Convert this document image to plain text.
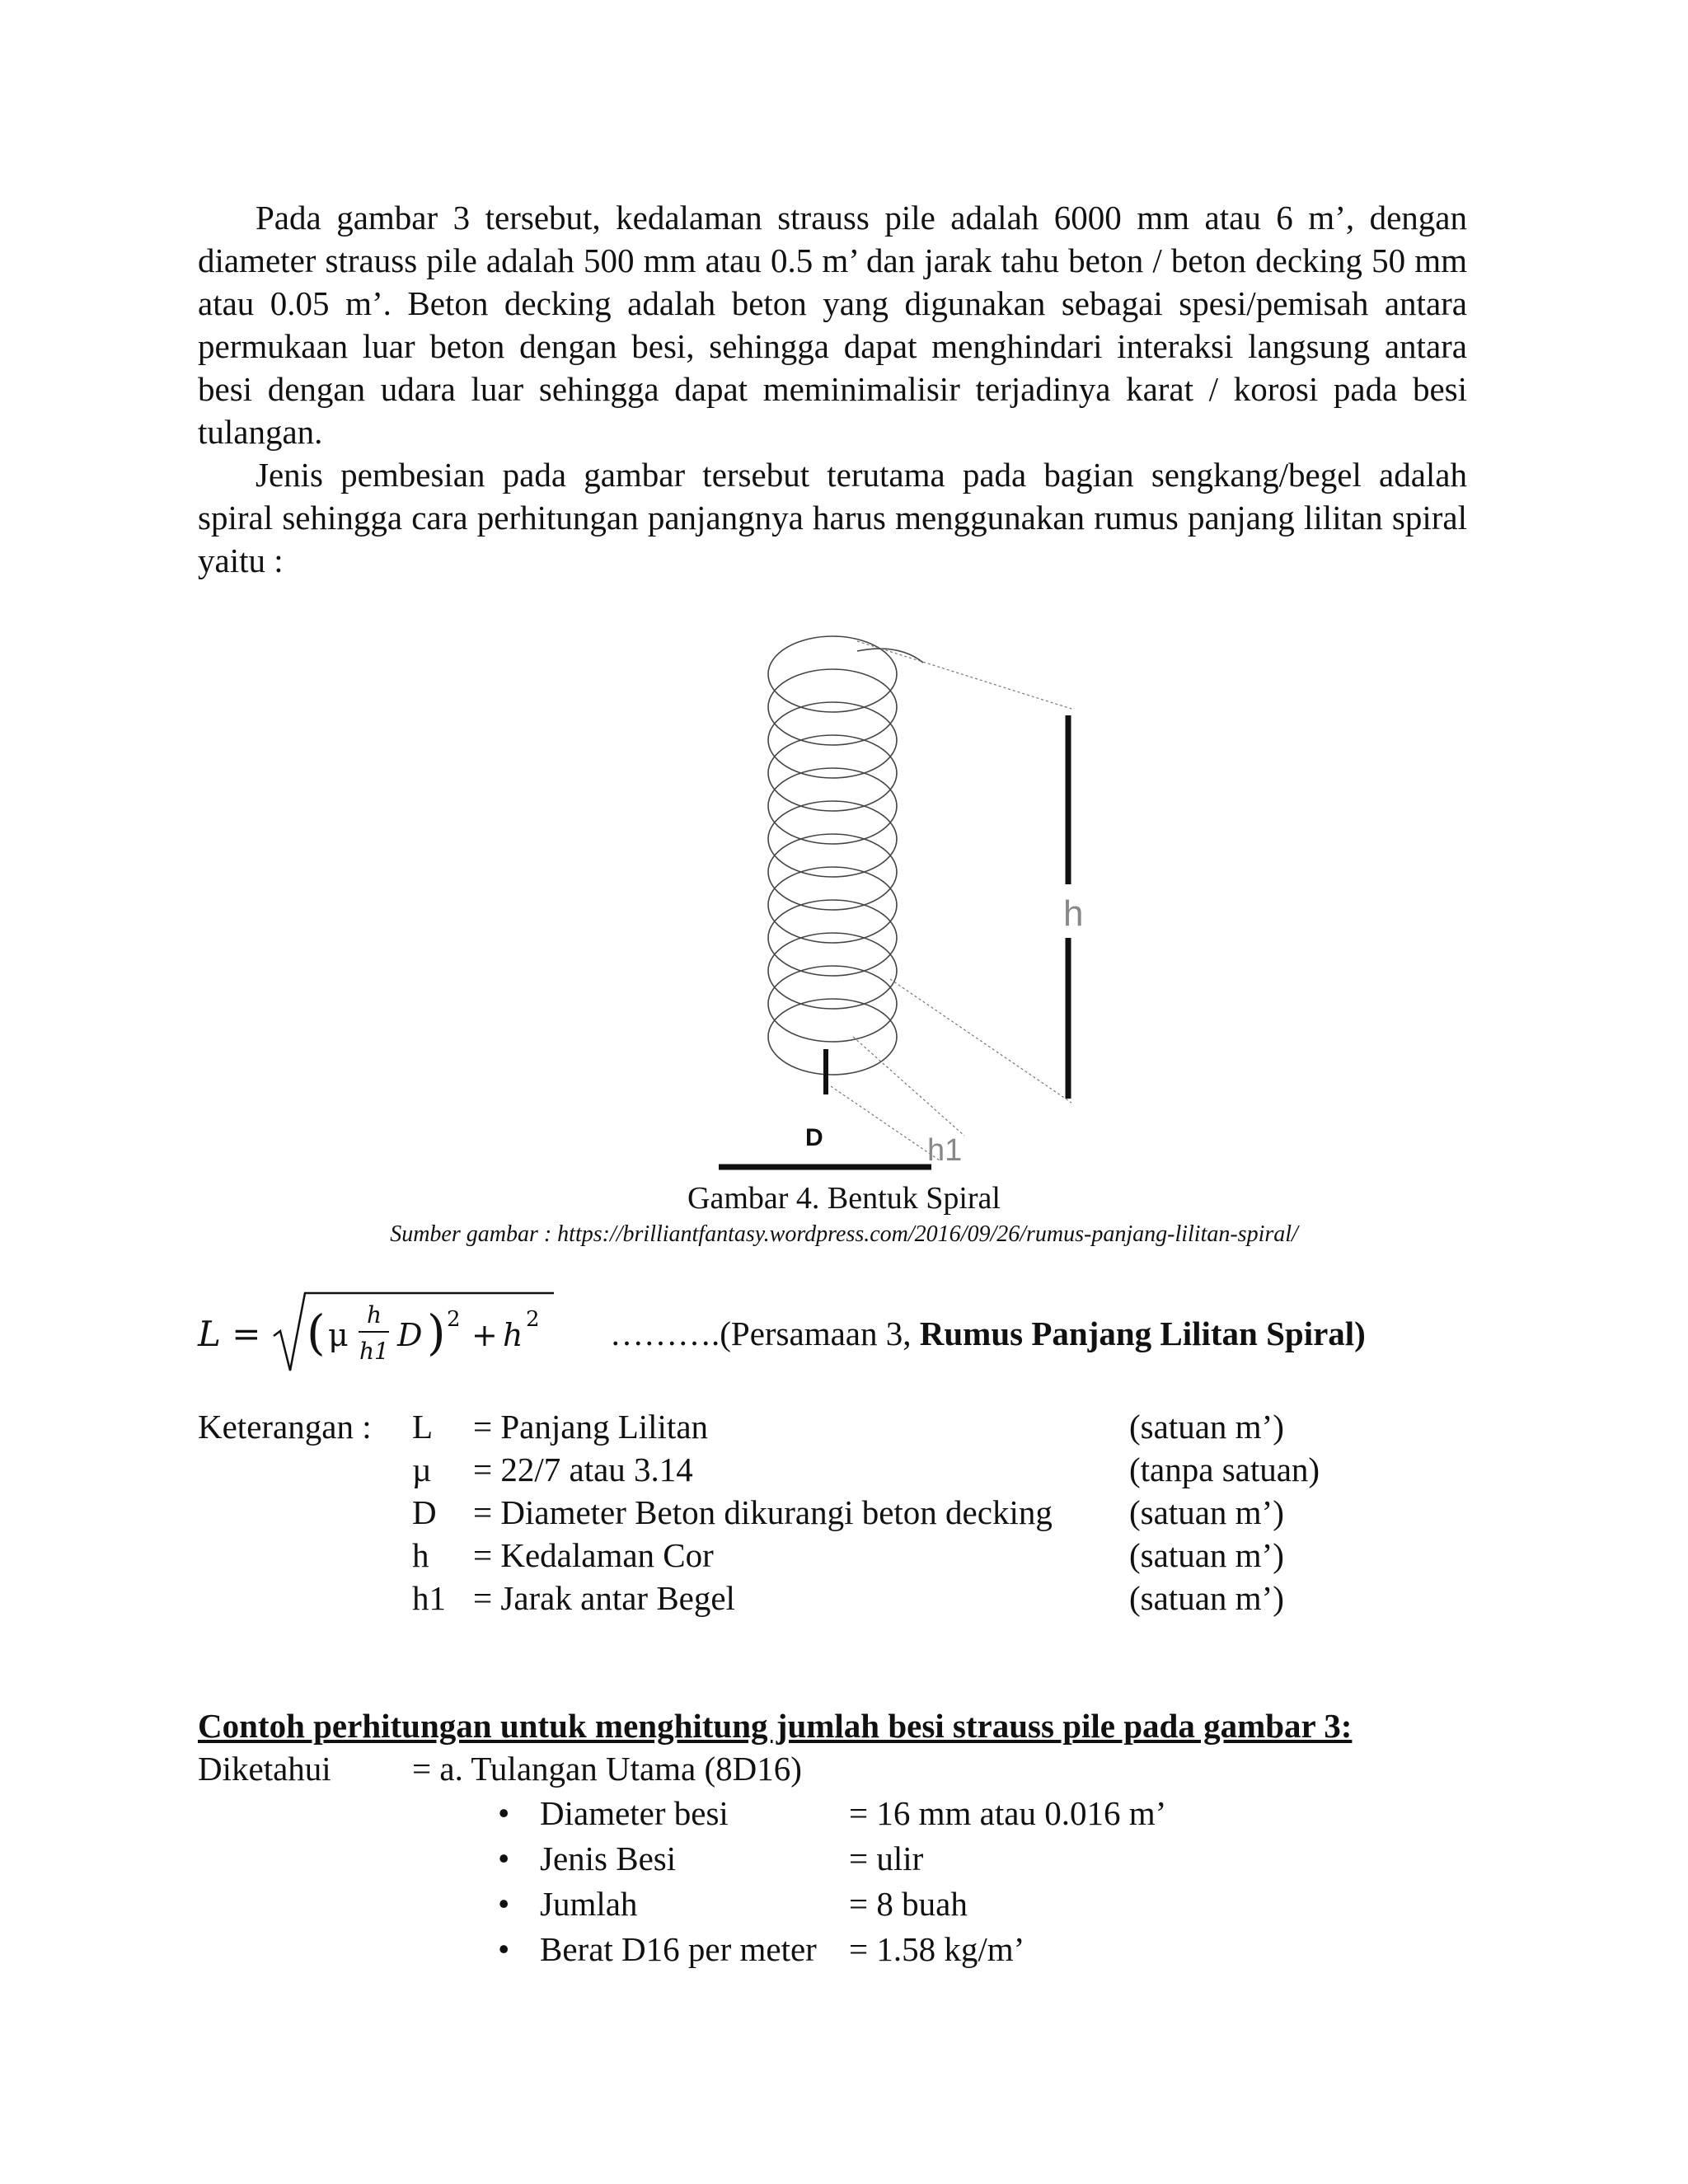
Pada gambar 3 tersebut, kedalaman strauss pile adalah 6000 mm atau 6 m’, dengan diameter strauss pile adalah 500 mm atau 0.5 m’ dan jarak tahu beton / beton decking 50 mm atau 0.05 m’. Beton decking adalah beton yang digunakan sebagai spesi/pemisah antara permukaan luar beton dengan besi, sehingga dapat menghindari interaksi langsung antara besi dengan udara luar sehingga dapat meminimalisir terjadinya karat / korosi pada besi tulangan.

Jenis pembesian pada gambar tersebut terutama pada bagian sengkang/begel adalah spiral sehingga cara perhitungan panjangnya harus menggunakan rumus panjang lilitan spiral yaitu :

h
h1
D
Gambar 4. Bentuk Spiral
Sumber gambar : https://brilliantfantasy.wordpress.com/2016/09/26/rumus-panjang-lilitan-spiral/
L = ( μ
h
h1 D ) 2 + h 2 ……….(Persamaan 3, Rumus Panjang Lilitan Spiral)
Keterangan : L = Panjang Lilitan	(satuan m’)
µ = 22/7 atau 3.14	(tanpa satuan)
D = Diameter Beton dikurangi beton decking (satuan m’)
h = Kedalaman Cor	(satuan m’)
h1 = Jarak antar Begel	(satuan m’)
Contoh perhitungan untuk menghitung jumlah besi strauss pile pada gambar 3:
Diketahui = a. Tulangan Utama (8D16)
• Diameter besi	= 16 mm atau 0.016 m’
• Jenis Besi	= ulir
• Jumlah	= 8 buah
• Berat D16 per meter = 1.58 kg/m’
